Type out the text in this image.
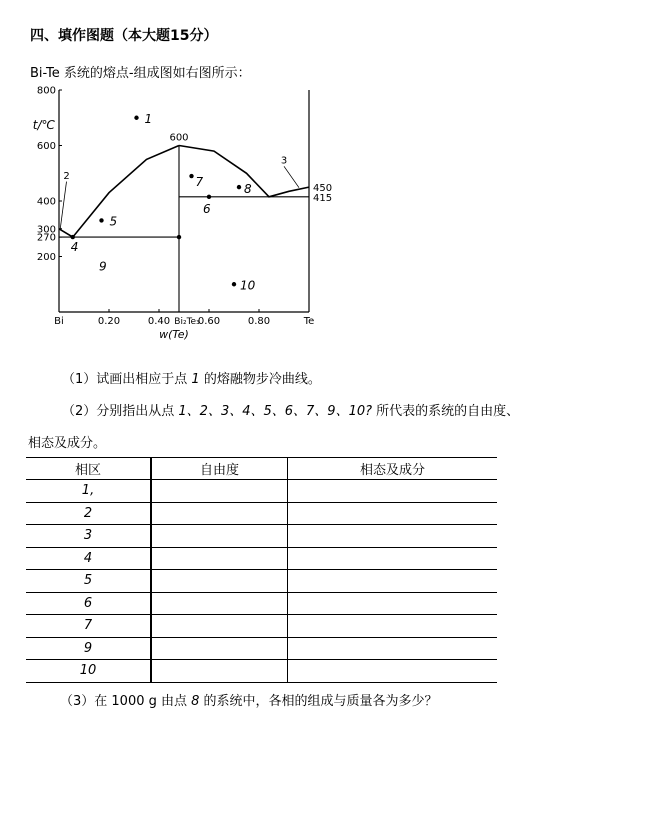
四、填作图题（本大题15分）
Bi-Te 系统的熔点-组成图如右图所示：
800
600
400
300
270
200
Bi	0.20	0.40 Bi₂Te₃
0.60	0.80	Te
t/℃
w(Te)
600
450
415
2
3
1
4
5
6
7
8
9
10
（1）试画出相应于点 1 的熔融物步冷曲线。
（2）分别指出从点 1、2、3、4、5、6、7、9、10? 所代表的系统的自由度、
相态及成分。
相区	自由度	相态及成分
1,		
2		
3		
4		
5		
6		
7		
9		
10		
（3）在 1000 g 由点 8 的系统中，各相的组成与质量各为多少？
